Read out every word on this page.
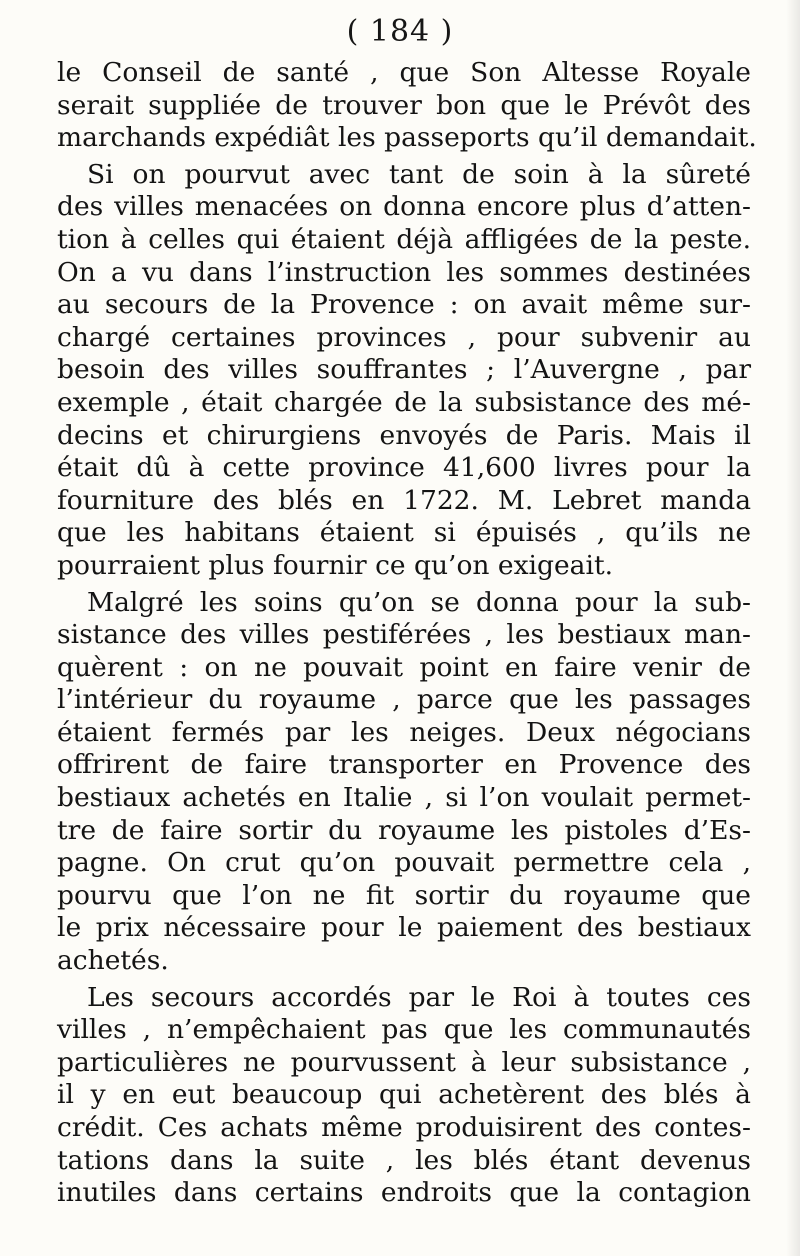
( 184 )
le Conseil de santé , que Son Altesse Royale
serait suppliée de trouver bon que le Prévôt des
marchands expédiât les passeports qu’il demandait.
Si on pourvut avec tant de soin à la sûreté
des villes menacées on donna encore plus d’atten-
tion à celles qui étaient déjà affligées de la peste.
On a vu dans l’instruction les sommes destinées
au secours de la Provence : on avait même sur-
chargé certaines provinces , pour subvenir au
besoin des villes souffrantes ; l’Auvergne , par
exemple , était chargée de la subsistance des mé-
decins et chirurgiens envoyés de Paris. Mais il
était dû à cette province 41,600 livres pour la
fourniture des blés en 1722. M. Lebret manda
que les habitans étaient si épuisés , qu’ils ne
pourraient plus fournir ce qu’on exigeait.
Malgré les soins qu’on se donna pour la sub-
sistance des villes pestiférées , les bestiaux man-
quèrent : on ne pouvait point en faire venir de
l’intérieur du royaume , parce que les passages
étaient fermés par les neiges. Deux négocians
offrirent de faire transporter en Provence des
bestiaux achetés en Italie , si l’on voulait permet-
tre de faire sortir du royaume les pistoles d’Es-
pagne. On crut qu’on pouvait permettre cela ,
pourvu que l’on ne fit sortir du royaume que
le prix nécessaire pour le paiement des bestiaux
achetés.
Les secours accordés par le Roi à toutes ces
villes , n’empêchaient pas que les communautés
particulières ne pourvussent à leur subsistance ,
il y en eut beaucoup qui achetèrent des blés à
crédit. Ces achats même produisirent des contes-
tations dans la suite , les blés étant devenus
inutiles dans certains endroits que la contagion
